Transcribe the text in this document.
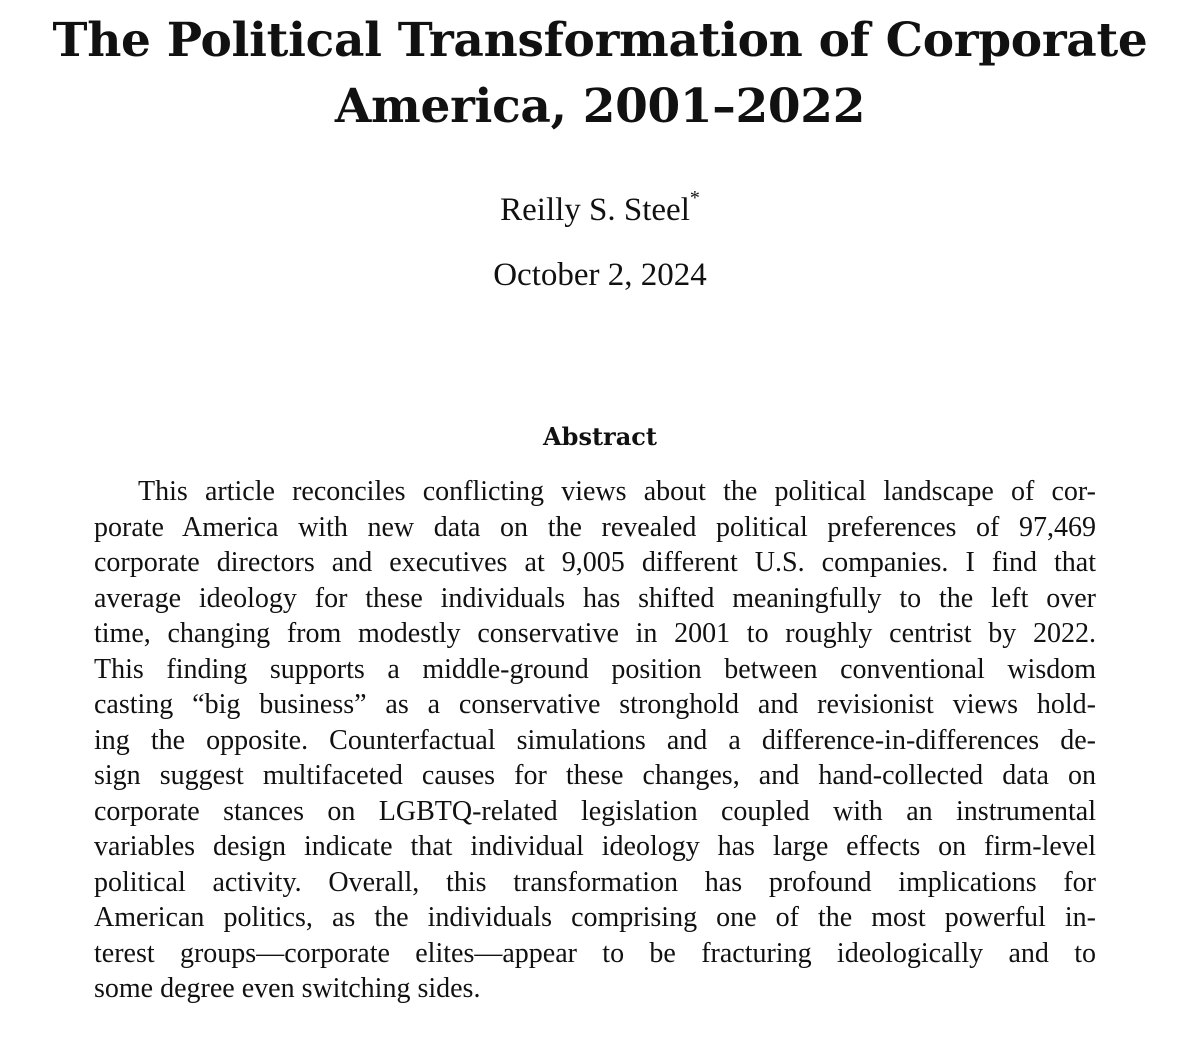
The Political Transformation of Corporate
America, 2001–2022
Reilly S. Steel*
October 2, 2024
Abstract
This article reconciles conflicting views about the political landscape of cor-
porate America with new data on the revealed political preferences of 97,469
corporate directors and executives at 9,005 different U.S. companies. I find that
average ideology for these individuals has shifted meaningfully to the left over
time, changing from modestly conservative in 2001 to roughly centrist by 2022.
This finding supports a middle-ground position between conventional wisdom
casting “big business” as a conservative stronghold and revisionist views hold-
ing the opposite. Counterfactual simulations and a difference-in-differences de-
sign suggest multifaceted causes for these changes, and hand-collected data on
corporate stances on LGBTQ-related legislation coupled with an instrumental
variables design indicate that individual ideology has large effects on firm-level
political activity. Overall, this transformation has profound implications for
American politics, as the individuals comprising one of the most powerful in-
terest groups—corporate elites—appear to be fracturing ideologically and to
some degree even switching sides.
